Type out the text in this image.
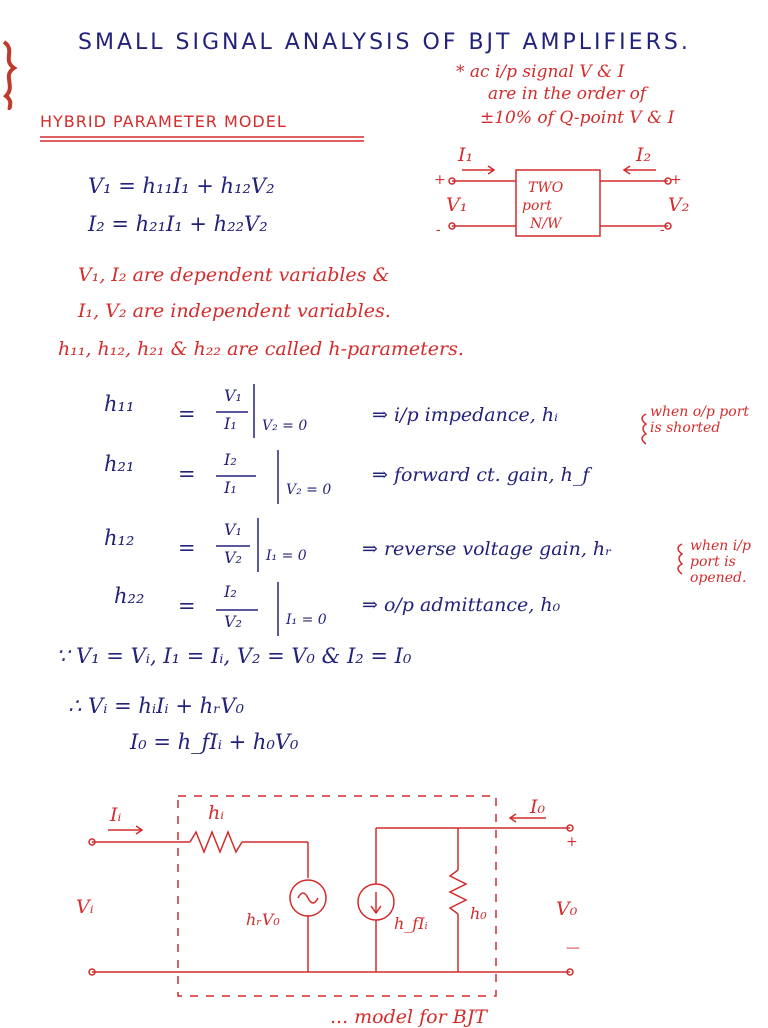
SMALL SIGNAL ANALYSIS OF BJT AMPLIFIERS.
* ac i/p signal V & I
are in the order of
±10% of Q-point V & I
HYBRID PARAMETER MODEL
V₁ = h₁₁I₁ + h₁₂V₂
I₂ = h₂₁I₁ + h₂₂V₂
TWO
port
N/W
I₁	I₂
V₁	V₂
+
-
+
-
V₁, I₂ are dependent variables &
I₁, V₂ are independent variables.
h₁₁, h₁₂, h₂₁ & h₂₂ are called h-parameters.
h₁₁ =
V₁
I₁ V₂ = 0	⇒ i/p impedance, hᵢ
h₂₁ =
I₂
I₁	V₂ = 0
⇒ forward ct. gain, h_f
h₁₂ =
V₁
V₂ I₁ = 0	⇒ reverse voltage gain, hᵣ
h₂₂ =
I₂
V₂	I₁ = 0
⇒ o/p admittance, h₀
when o/p port is shorted
when i/p port is opened.
∵ V₁ = Vᵢ, I₁ = Iᵢ, V₂ = V₀ & I₂ = I₀
∴ Vᵢ = hᵢIᵢ + hᵣV₀
I₀ = h_fIᵢ + h₀V₀
Iᵢ	hᵢ	I₀
Vᵢ	V₀
hᵣV₀	h_fIᵢ
h₀
+
—
... model for BJT
